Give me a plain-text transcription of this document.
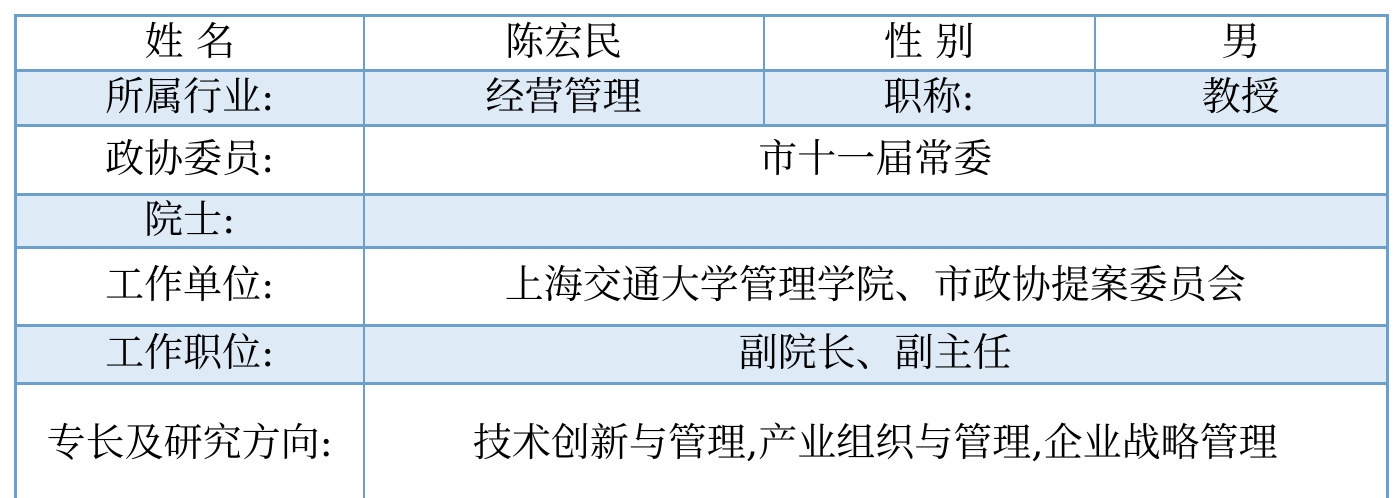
姓 名	陈宏民	性 别	男
所属行业:	经营管理	职称:	教授
政协委员:	市十一届常委		
院士:			
工作单位:	上海交通大学管理学院、市政协提案委员会		
工作职位:	副院长、副主任		
专长及研究方向:	技术创新与管理,产业组织与管理,企业战略管理		
